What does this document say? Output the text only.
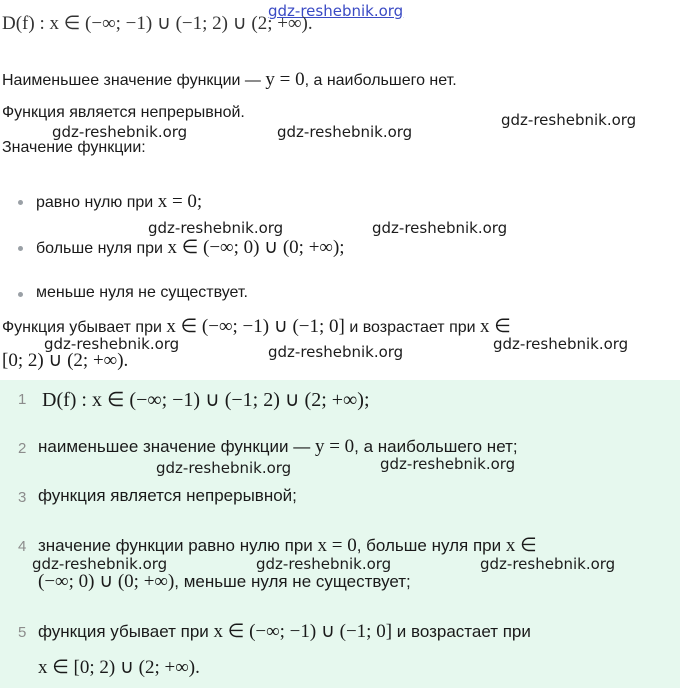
gdz-reshebnik.org
D(f) : x ∈ (−∞; −1) ∪ (−1; 2) ∪ (2; +∞).
Наименьшее значение функции — y = 0, а наибольшего нет.
Функция является непрерывной.
gdz-reshebnik.org	gdz-reshebnik.org
gdz-reshebnik.org
Значение функции:
равно нулю при x = 0;
gdz-reshebnik.org	gdz-reshebnik.org
больше нуля при x ∈ (−∞; 0) ∪ (0; +∞);
меньше нуля не существует.
Функция убывает при x ∈ (−∞; −1) ∪ (−1; 0] и возрастает при x ∈
gdz-reshebnik.org	gdz-reshebnik.org	gdz-reshebnik.org
[0; 2) ∪ (2; +∞).
1 D(f) : x ∈ (−∞; −1) ∪ (−1; 2) ∪ (2; +∞);
2 наименьшее значение функции — y = 0, а наибольшего нет;
gdz-reshebnik.org	gdz-reshebnik.org
3 функция является непрерывной;
4 значение функции равно нулю при x = 0, больше нуля при x ∈
gdz-reshebnik.org	gdz-reshebnik.org	gdz-reshebnik.org
(−∞; 0) ∪ (0; +∞), меньше нуля не существует;
5 функция убывает при x ∈ (−∞; −1) ∪ (−1; 0] и возрастает при
x ∈ [0; 2) ∪ (2; +∞).
